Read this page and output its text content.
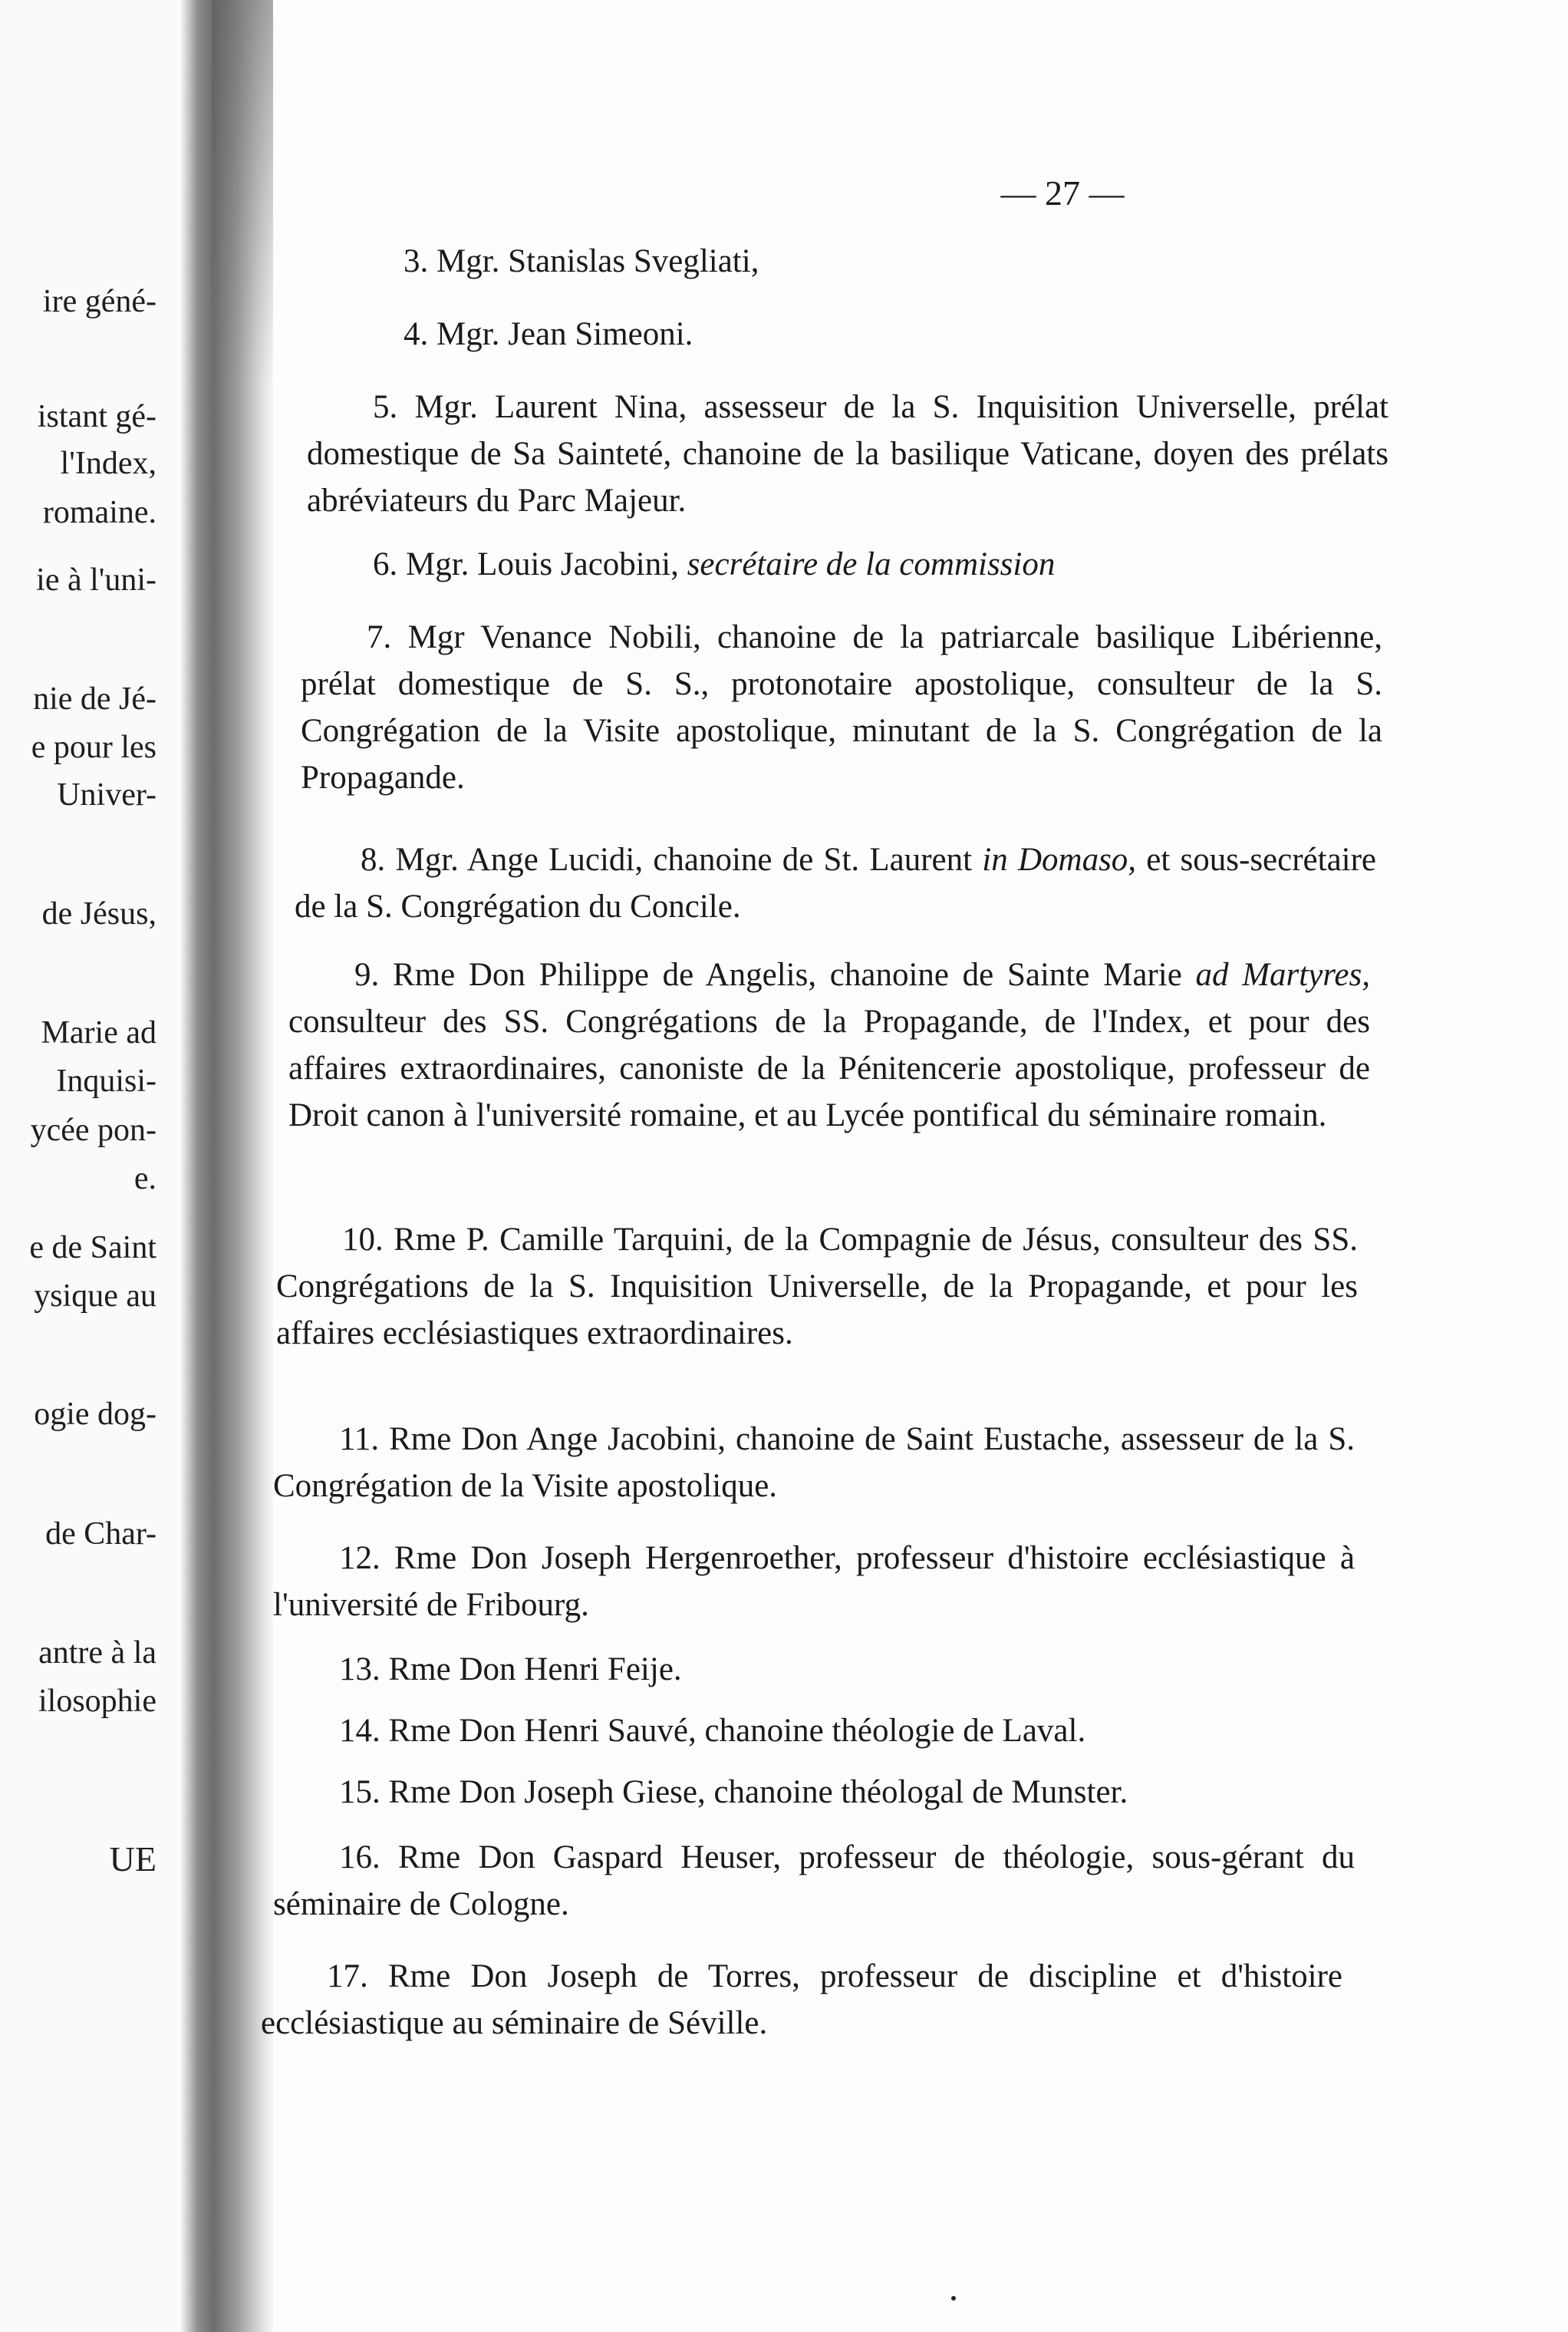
ire géné-
istant gé-
l'Index,
romaine.
ie à l'uni-
nie de Jé-
e pour les
Univer-
de Jésus,
Marie ad
Inquisi-
ycée pon-
e.
e de Saint
ysique au
ogie dog-
de Char-
antre à la
ilosophie
UE
— 27 —

3. Mgr. Stanislas Svegliati,

4. Mgr. Jean Simeoni.

5. Mgr. Laurent Nina, assesseur de la S. Inquisition Universelle, prélat domestique de Sa Sainteté, chanoine de la basilique Vaticane, doyen des prélats abréviateurs du Parc Majeur.

6. Mgr. Louis Jacobini, secrétaire de la commission

7. Mgr Venance Nobili, chanoine de la patriarcale basilique Libérienne, prélat domestique de S. S., protonotaire apostolique, consulteur de la S. Congrégation de la Visite apostolique, minutant de la S. Congrégation de la Propagande.

8. Mgr. Ange Lucidi, chanoine de St. Laurent in Domaso, et sous-secrétaire de la S. Congrégation du Concile.

9. Rme Don Philippe de Angelis, chanoine de Sainte Marie ad Martyres, consulteur des SS. Congrégations de la Propagande, de l'Index, et pour des affaires extraordinaires, canoniste de la Pénitencerie apostolique, professeur de Droit canon à l'université romaine, et au Lycée pontifical du séminaire romain.

10. Rme P. Camille Tarquini, de la Compagnie de Jésus, consulteur des SS. Congrégations de la S. Inquisition Universelle, de la Propagande, et pour les affaires ecclésiastiques extraordinaires.

11. Rme Don Ange Jacobini, chanoine de Saint Eustache, assesseur de la S. Congrégation de la Visite apostolique.

12. Rme Don Joseph Hergenroether, professeur d'histoire ecclésiastique à l'université de Fribourg.

13. Rme Don Henri Feije.

14. Rme Don Henri Sauvé, chanoine théologie de Laval.

15. Rme Don Joseph Giese, chanoine théologal de Munster.

16. Rme Don Gaspard Heuser, professeur de théologie, sous-gérant du séminaire de Cologne.

17. Rme Don Joseph de Torres, professeur de discipline et d'histoire ecclésiastique au séminaire de Séville.
